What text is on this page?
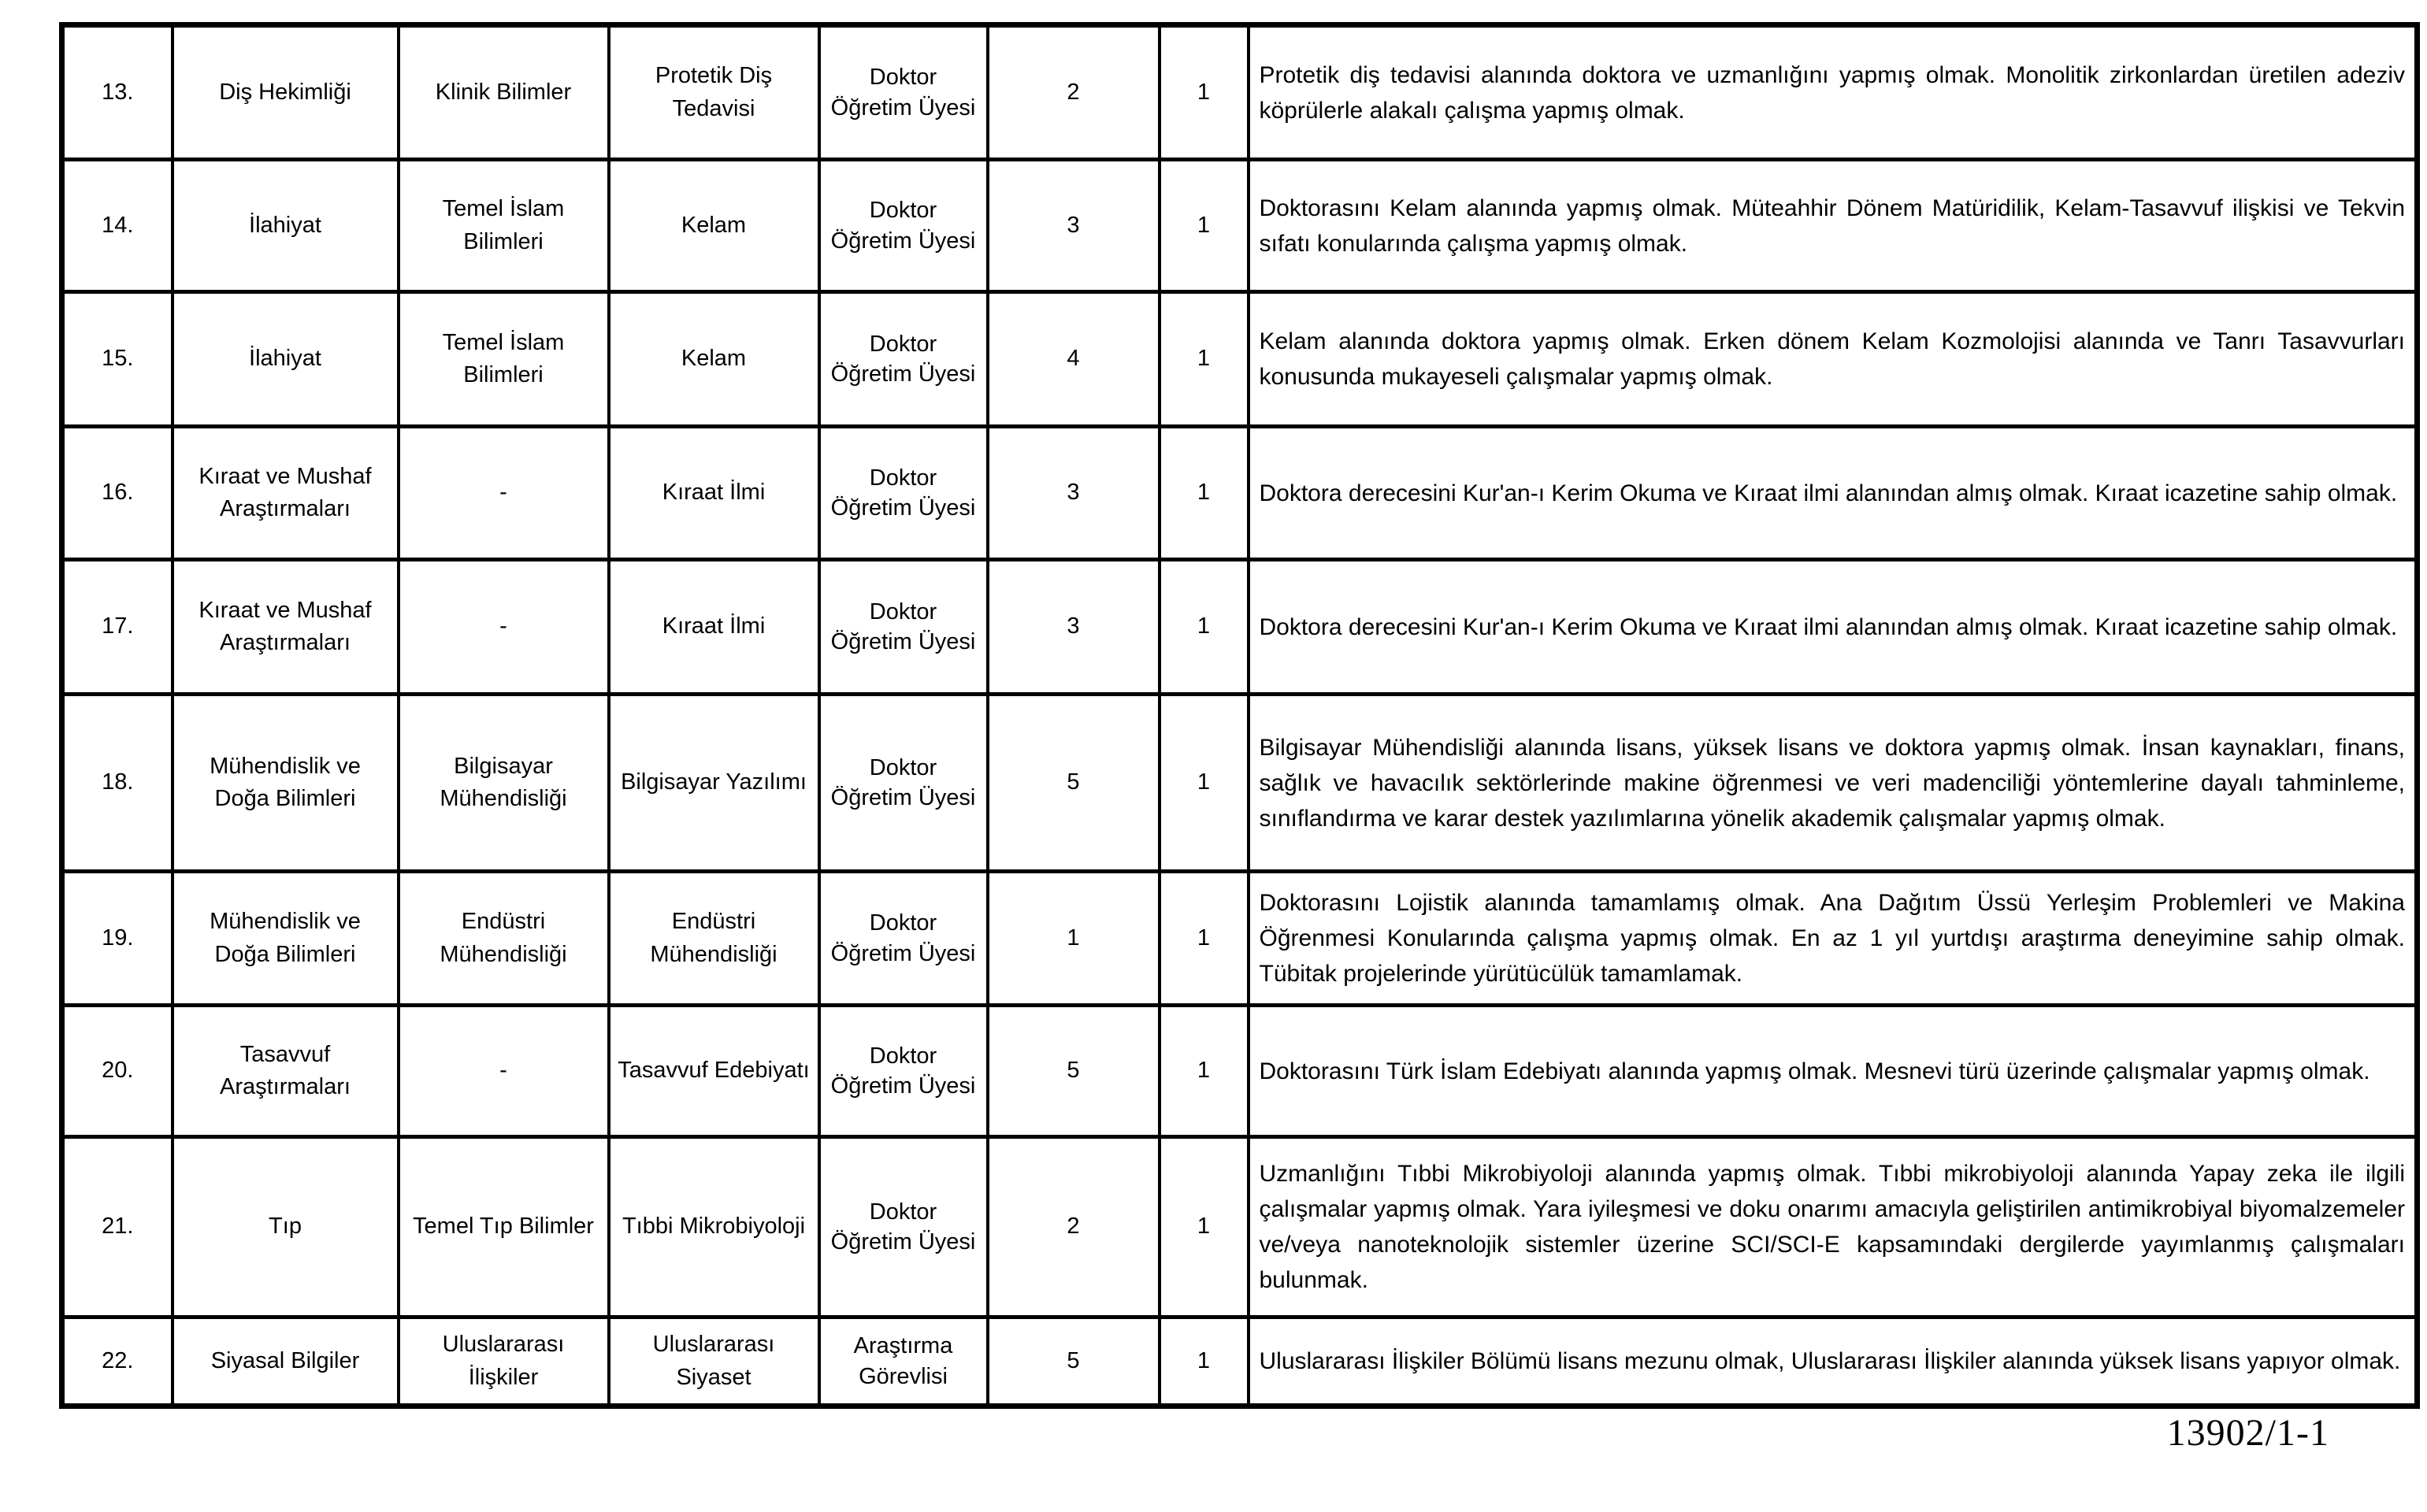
13.	Diş Hekimliği	Klinik Bilimler	Protetik Diş Tedavisi	Doktor Öğretim Üyesi	2	1	Protetik diş tedavisi alanında doktora ve uzmanlığını yapmış olmak. Monolitik zirkonlardan üretilen adeziv köprülerle alakalı çalışma yapmış olmak.
14.	İlahiyat	Temel İslam Bilimleri	Kelam	Doktor Öğretim Üyesi	3	1	Doktorasını Kelam alanında yapmış olmak. Müteahhir Dönem Matüridilik, Kelam-Tasavvuf ilişkisi ve Tekvin sıfatı konularında çalışma yapmış olmak.
15.	İlahiyat	Temel İslam Bilimleri	Kelam	Doktor Öğretim Üyesi	4	1	Kelam alanında doktora yapmış olmak. Erken dönem Kelam Kozmolojisi alanında ve Tanrı Tasavvurları konusunda mukayeseli çalışmalar yapmış olmak.
16.	Kıraat ve Mushaf Araştırmaları	-	Kıraat İlmi	Doktor Öğretim Üyesi	3	1	Doktora derecesini Kur'an-ı Kerim Okuma ve Kıraat ilmi alanından almış olmak. Kıraat icazetine sahip olmak.
17.	Kıraat ve Mushaf Araştırmaları	-	Kıraat İlmi	Doktor Öğretim Üyesi	3	1	Doktora derecesini Kur'an-ı Kerim Okuma ve Kıraat ilmi alanından almış olmak. Kıraat icazetine sahip olmak.
18.	Mühendislik ve Doğa Bilimleri	Bilgisayar Mühendisliği	Bilgisayar Yazılımı	Doktor Öğretim Üyesi	5	1	Bilgisayar Mühendisliği alanında lisans, yüksek lisans ve doktora yapmış olmak. İnsan kaynakları, finans, sağlık ve havacılık sektörlerinde makine öğrenmesi ve veri madenciliği yöntemlerine dayalı tahminleme, sınıflandırma ve karar destek yazılımlarına yönelik akademik çalışmalar yapmış olmak.
19.	Mühendislik ve Doğa Bilimleri	Endüstri Mühendisliği	Endüstri Mühendisliği	Doktor Öğretim Üyesi	1	1	Doktorasını Lojistik alanında tamamlamış olmak. Ana Dağıtım Üssü Yerleşim Problemleri ve Makina Öğrenmesi Konularında çalışma yapmış olmak. En az 1 yıl yurtdışı araştırma deneyimine sahip olmak. Tübitak projelerinde yürütücülük tamamlamak.
20.	Tasavvuf Araştırmaları	-	Tasavvuf Edebiyatı	Doktor Öğretim Üyesi	5	1	Doktorasını Türk İslam Edebiyatı alanında yapmış olmak. Mesnevi türü üzerinde çalışmalar yapmış olmak.
21.	Tıp	Temel Tıp Bilimler	Tıbbi Mikrobiyoloji	Doktor Öğretim Üyesi	2	1	Uzmanlığını Tıbbi Mikrobiyoloji alanında yapmış olmak. Tıbbi mikrobiyoloji alanında Yapay zeka ile ilgili çalışmalar yapmış olmak. Yara iyileşmesi ve doku onarımı amacıyla geliştirilen antimikrobiyal biyomalzemeler ve/veya nanoteknolojik sistemler üzerine SCI/SCI-E kapsamındaki dergilerde yayımlanmış çalışmaları bulunmak.
22.	Siyasal Bilgiler	Uluslararası İlişkiler	Uluslararası Siyaset	Araştırma Görevlisi	5	1	Uluslararası İlişkiler Bölümü lisans mezunu olmak, Uluslararası İlişkiler alanında yüksek lisans yapıyor olmak.
13902/1-1
